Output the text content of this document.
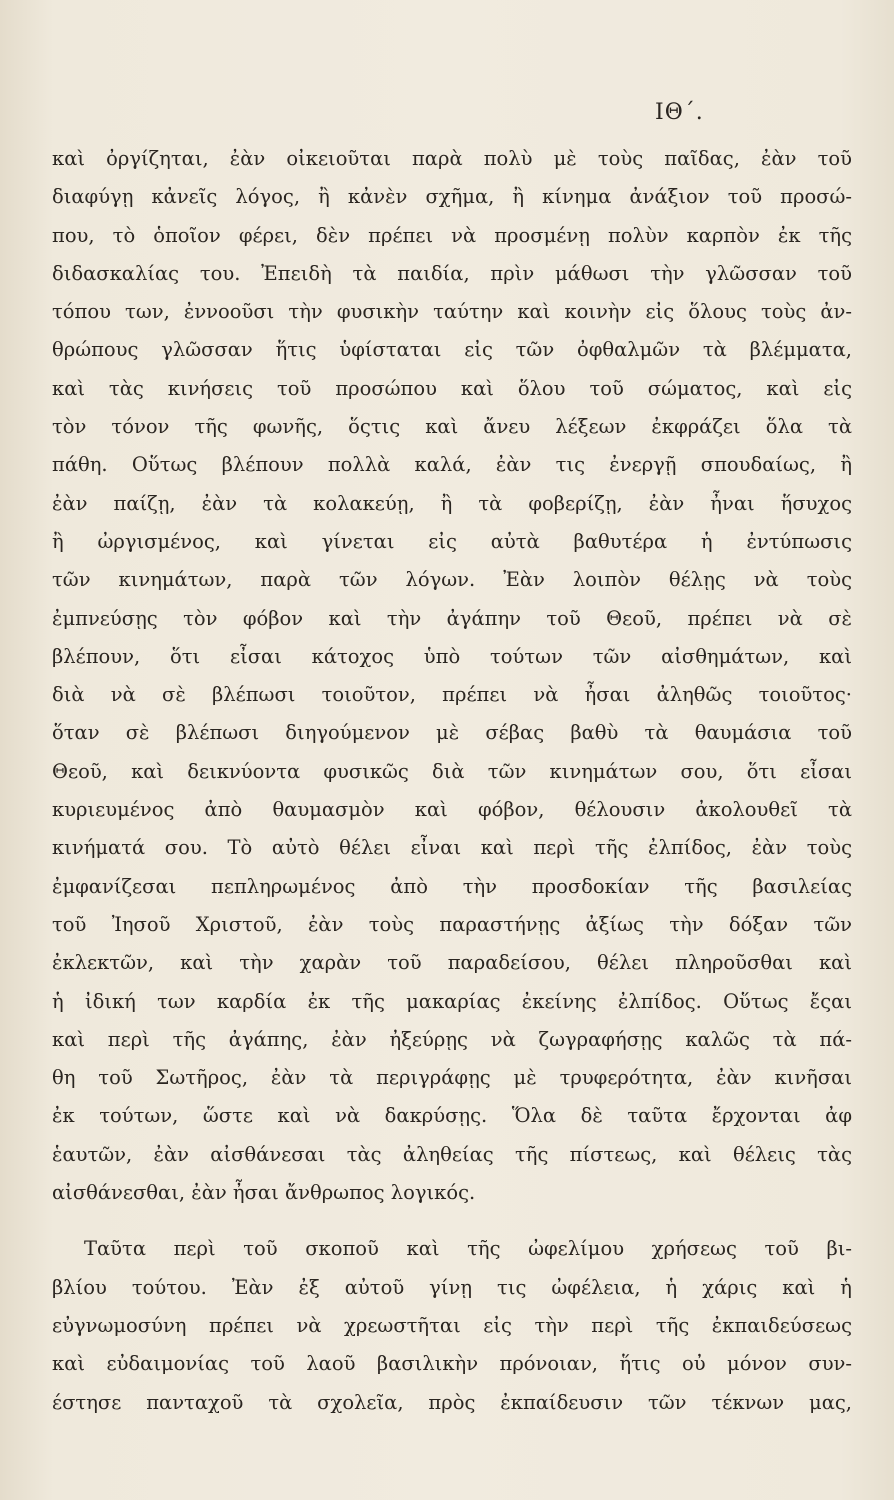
ΙΘ΄.
καὶ ὀργίζηται, ἐὰν οἰκειοῦται παρὰ πολὺ μὲ τοὺς παῖδας, ἐὰν τοῦ
διαφύγῃ κἀνεῖς λόγος, ἢ κἀνὲν σχῆμα, ἢ κίνημα ἀνάξιον τοῦ προσώ-
που, τὸ ὁποῖον φέρει, δὲν πρέπει νὰ προσμένῃ πολὺν καρπὸν ἐκ τῆς
διδασκαλίας του. Ἐπειδὴ τὰ παιδία, πρὶν μάθωσι τὴν γλῶσσαν τοῦ
τόπου των, ἐννοοῦσι τὴν φυσικὴν ταύτην καὶ κοινὴν εἰς ὅλους τοὺς ἀν-
θρώπους γλῶσσαν ἥτις ὑφίσταται εἰς τῶν ὀφθαλμῶν τὰ βλέμματα,
καὶ τὰς κινήσεις τοῦ προσώπου καὶ ὅλου τοῦ σώματος, καὶ εἰς
τὸν τόνον τῆς φωνῆς, ὅςτις καὶ ἄνευ λέξεων ἐκφράζει ὅλα τὰ
πάθη. Οὕτως βλέπουν πολλὰ καλά, ἐὰν τις ἐνεργῇ σπουδαίως, ἢ
ἐὰν παίζῃ, ἐὰν τὰ κολακεύῃ, ἢ τὰ φοβερίζῃ, ἐὰν ἦναι ἥσυχος
ἢ ὠργισμένος, καὶ γίνεται εἰς αὐτὰ βαθυτέρα ἡ ἐντύπωσις
τῶν κινημάτων, παρὰ τῶν λόγων. Ἐὰν λοιπὸν θέλῃς νὰ τοὺς
ἐμπνεύσῃς τὸν φόβον καὶ τὴν ἀγάπην τοῦ Θεοῦ, πρέπει νὰ σὲ
βλέπουν, ὅτι εἶσαι κάτοχος ὑπὸ τούτων τῶν αἰσθημάτων, καὶ
διὰ νὰ σὲ βλέπωσι τοιοῦτον, πρέπει νὰ ἦσαι ἀληθῶς τοιοῦτος·
ὅταν σὲ βλέπωσι διηγούμενον μὲ σέβας βαθὺ τὰ θαυμάσια τοῦ
Θεοῦ, καὶ δεικνύοντα φυσικῶς διὰ τῶν κινημάτων σου, ὅτι εἶσαι
κυριευμένος ἀπὸ θαυμασμὸν καὶ φόβον, θέλουσιν ἀκολουθεῖ τὰ
κινήματά σου. Τὸ αὐτὸ θέλει εἶναι καὶ περὶ τῆς ἐλπίδος, ἐὰν τοὺς
ἐμφανίζεσαι πεπληρωμένος ἀπὸ τὴν προσδοκίαν τῆς βασιλείας
τοῦ Ἰησοῦ Χριστοῦ, ἐὰν τοὺς παραστήνῃς ἀξίως τὴν δόξαν τῶν
ἐκλεκτῶν, καὶ τὴν χαρὰν τοῦ παραδείσου, θέλει πληροῦσθαι καὶ
ἡ ἰδική των καρδία ἐκ τῆς μακαρίας ἐκείνης ἐλπίδος. Οὕτως ἔςαι
καὶ περὶ τῆς ἀγάπης, ἐὰν ἠξεύρῃς νὰ ζωγραφήσῃς καλῶς τὰ πά-
θη τοῦ Σωτῆρος, ἐὰν τὰ περιγράφῃς μὲ τρυφερότητα, ἐὰν κινῆσαι
ἐκ τούτων, ὥστε καὶ νὰ δακρύσῃς. Ὅλα δὲ ταῦτα ἔρχονται ἀφ
ἑαυτῶν, ἐὰν αἰσθάνεσαι τὰς ἀληθείας τῆς πίστεως, καὶ θέλεις τὰς
αἰσθάνεσθαι, ἐὰν ἦσαι ἄνθρωπος λογικός.
Ταῦτα περὶ τοῦ σκοποῦ καὶ τῆς ὠφελίμου χρήσεως τοῦ βι-
βλίου τούτου. Ἐὰν ἐξ αὐτοῦ γίνῃ τις ὠφέλεια, ἡ χάρις καὶ ἡ
εὐγνωμοσύνη πρέπει νὰ χρεωστῆται εἰς τὴν περὶ τῆς ἐκπαιδεύσεως
καὶ εὐδαιμονίας τοῦ λαοῦ βασιλικὴν πρόνοιαν, ἥτις οὐ μόνον συν-
έστησε πανταχοῦ τὰ σχολεῖα, πρὸς ἐκπαίδευσιν τῶν τέκνων μας,
